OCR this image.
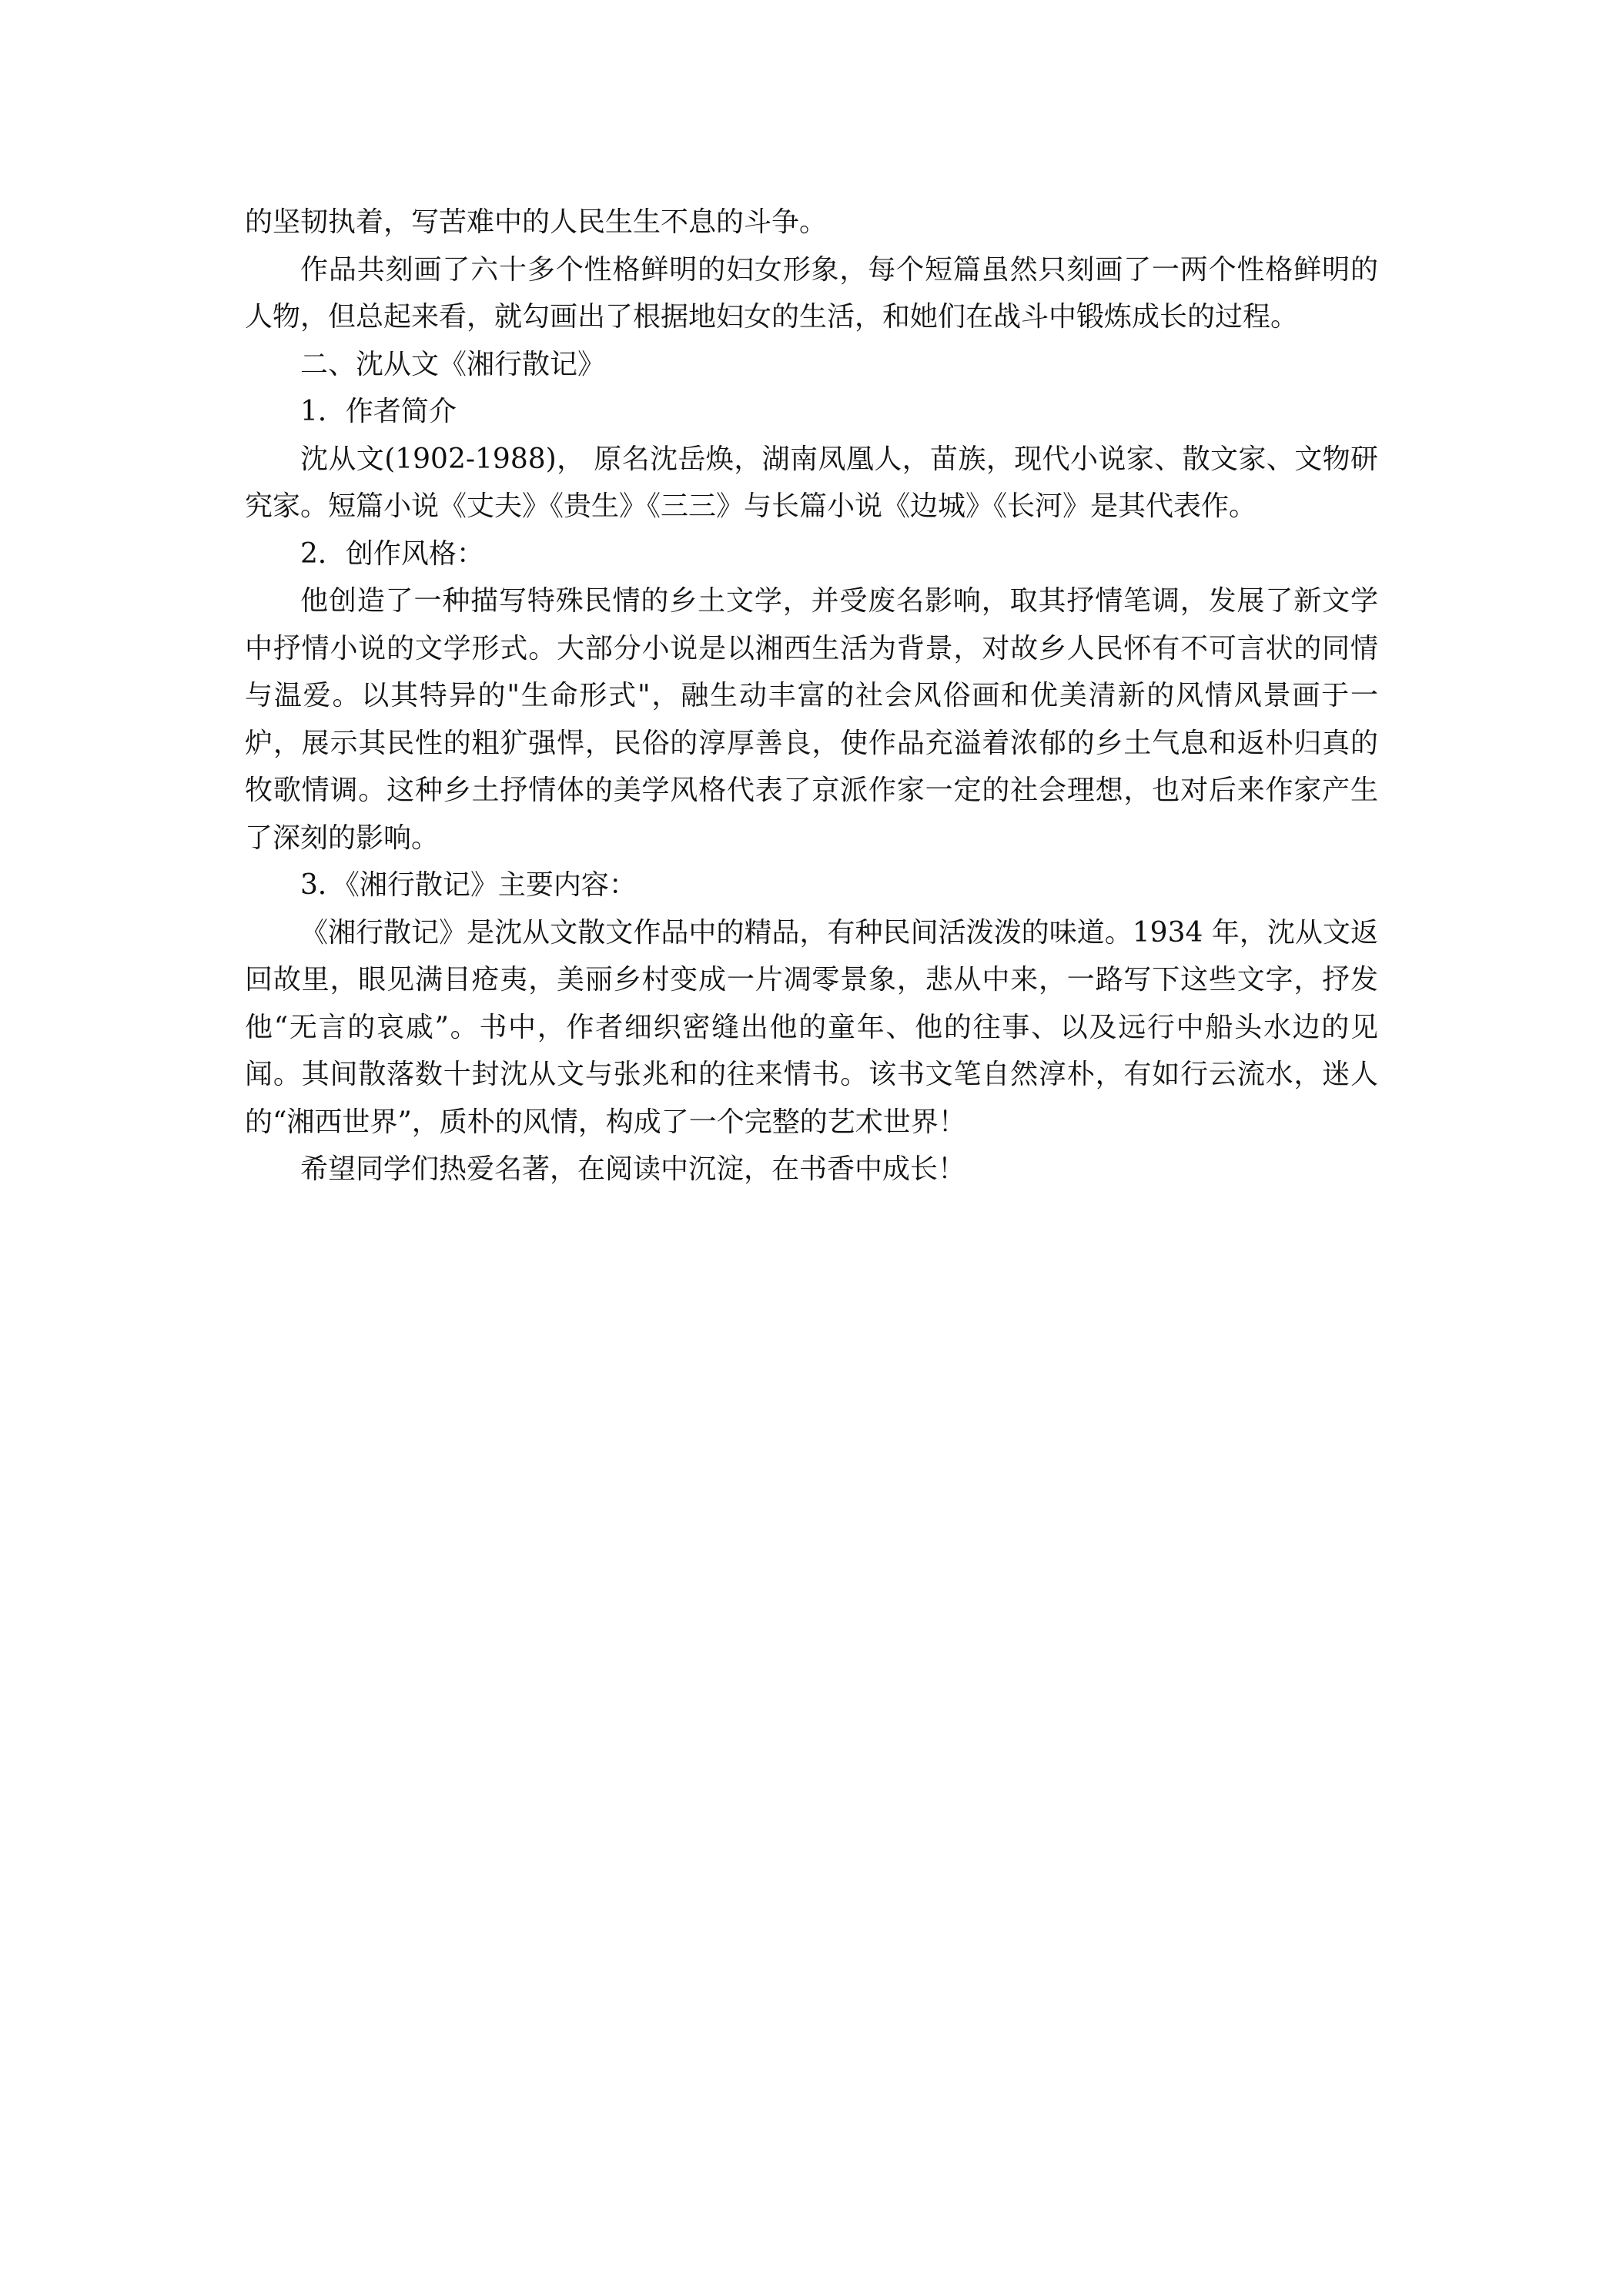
的坚韧执着，写苦难中的人民生生不息的斗争。

作品共刻画了六十多个性格鲜明的妇女形象，每个短篇虽然只刻画了一两个性格鲜明的人物，但总起来看，就勾画出了根据地妇女的生活，和她们在战斗中锻炼成长的过程。

二、沈从文《湘行散记》

1．作者简介

沈从文(1902-1988)， 原名沈岳焕，湖南凤凰人，苗族，现代小说家、散文家、文物研究家。短篇小说《丈夫》《贵生》《三三》与长篇小说《边城》《长河》是其代表作。

2．创作风格：

他创造了一种描写特殊民情的乡土文学，并受废名影响，取其抒情笔调，发展了新文学中抒情小说的文学形式。大部分小说是以湘西生活为背景，对故乡人民怀有不可言状的同情与温爱。以其特异的"生命形式"，融生动丰富的社会风俗画和优美清新的风情风景画于一炉，展示其民性的粗犷强悍，民俗的淳厚善良，使作品充溢着浓郁的乡土气息和返朴归真的牧歌情调。这种乡土抒情体的美学风格代表了京派作家一定的社会理想，也对后来作家产生了深刻的影响。

3．《湘行散记》主要内容：

《湘行散记》是沈从文散文作品中的精品，有种民间活泼泼的味道。1934 年，沈从文返回故里，眼见满目疮夷，美丽乡村变成一片凋零景象，悲从中来，一路写下这些文字，抒发他“无言的哀戚”。书中，作者细织密缝出他的童年、他的往事、以及远行中船头水边的见闻。其间散落数十封沈从文与张兆和的往来情书。该书文笔自然淳朴，有如行云流水，迷人的“湘西世界”，质朴的风情，构成了一个完整的艺术世界！

希望同学们热爱名著，在阅读中沉淀，在书香中成长！
